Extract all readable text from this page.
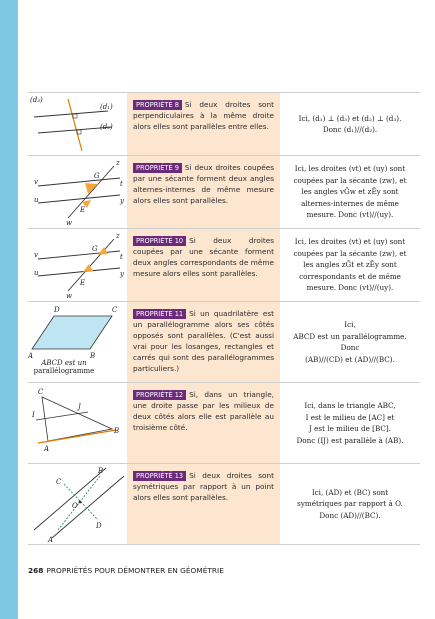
(d₃)
(d₁)
(d₂)
PROPRIÉTÉ 8 Si deux droites sont perpendiculaires à la même droite alors elles sont parallèles entre elles.
Ici, (d₁) ⊥ (d₃) et (d₂) ⊥ (d₃).
Donc (d₁)//(d₂).
z
v
G
t
u
E
y
w
PROPRIÉTÉ 9 Si deux droites coupées par une sécante forment deux angles alternes-internes de même mesure alors elles sont parallèles.
Ici, les droites (vt) et (uy) sont
coupées par la sécante (zw), et
les angles vĜw et zÊy sont
alternes-internes de même
mesure. Donc (vt)//(uy).
z
v
G
t
u
E
y
w
PROPRIÉTÉ 10 Si deux droites coupées par une sécante forment deux angles correspondants de même mesure alors elles sont parallèles.
Ici, les droites (vt) et (uy) sont
coupées par la sécante (zw), et
les angles zĜt et zÊy sont
correspondants et de même
mesure. Donc (vt)//(uy).
D	C
A	B
ABCD est un
parallélogramme
PROPRIÉTÉ 11 Si un quadrilatère est un parallélogramme alors ses côtés opposés sont parallèles. (C'est aussi vrai pour les losanges, rectangles et carrés qui sont des parallélogrammes particuliers.)
Ici,
ABCD est un parallélogramme.
Donc
(AB)//(CD) et (AD)//(BC).
C
I
J
B
A
PROPRIÉTÉ 12 Si, dans un triangle, une droite passe par les milieux de deux côtés alors elle est parallèle au troisième côté.
Ici, dans le triangle ABC,
I est le milieu de [AC] et
J est le milieu de [BC].
Donc (IJ) est parallèle à (AB).
B
C
O
D
A
PROPRIÉTÉ 13 Si deux droites sont symétriques par rapport à un point alors elles sont parallèles.
Ici, (AD) et (BC) sont
symétriques par rapport à O.
Donc (AD)//(BC).
268 PROPRIÉTÉS POUR DÉMONTRER EN GÉOMÉTRIE
